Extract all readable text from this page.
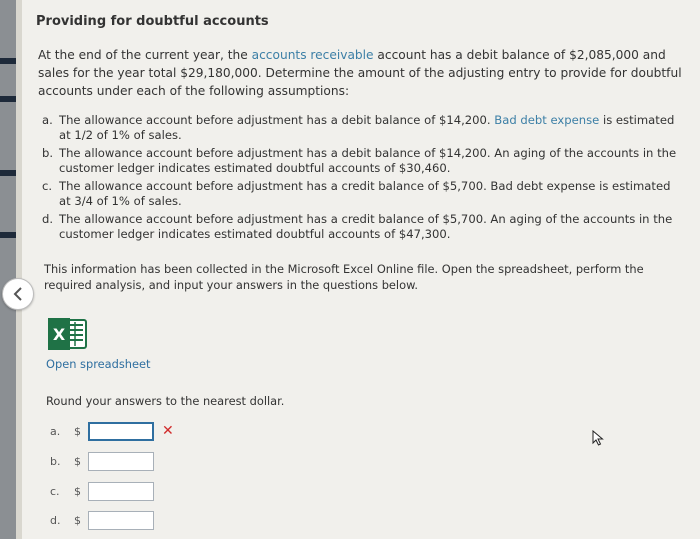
Providing for doubtful accounts
At the end of the current year, the accounts receivable account has a debit balance of $2,085,000 and sales for the year total $29,180,000. Determine the amount of the adjusting entry to provide for doubtful accounts under each of the following assumptions:
a. The allowance account before adjustment has a debit balance of $14,200. Bad debt expense is estimated at 1/2 of 1% of sales.
b. The allowance account before adjustment has a debit balance of $14,200. An aging of the accounts in the customer ledger indicates estimated doubtful accounts of $30,460.
c. The allowance account before adjustment has a credit balance of $5,700. Bad debt expense is estimated at 3/4 of 1% of sales.
d. The allowance account before adjustment has a credit balance of $5,700. An aging of the accounts in the customer ledger indicates estimated doubtful accounts of $47,300.
This information has been collected in the Microsoft Excel Online file. Open the spreadsheet, perform the required analysis, and input your answers in the questions below.
X
Open spreadsheet
Round your answers to the nearest dollar.
a.	$	✕
b.	$
c.	$
d.	$
